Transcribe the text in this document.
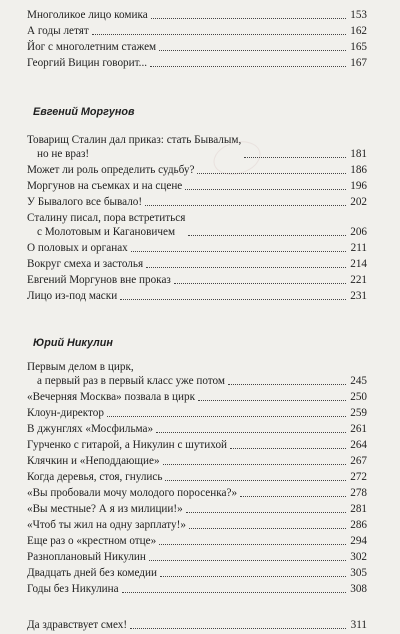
Многоликое лицо комика	153
А годы летят	162
Йог с многолетним стажем	165
Георгий Вицин говорит...	167
Евгений Моргунов
Товарищ Сталин дал приказ: стать Бывалым,
но не враз!	181
Может ли роль определить судьбу?	186
Моргунов на съемках и на сцене	196
У Бывалого все бывало!	202
Сталину писал, пора встретиться
с Молотовым и Кагановичем	206
О половых и органах	211
Вокруг смеха и застолья	214
Евгений Моргунов вне проказ	221
Лицо из-под маски	231
Юрий Никулин
Первым делом в цирк,
а первый раз в первый класс уже потом	245
«Вечерняя Москва» позвала в цирк	250
Клоун-директор	259
В джунглях «Мосфильма»	261
Гурченко с гитарой, а Никулин с шутихой	264
Клячкин и «Неподдающие»	267
Когда деревья, стоя, гнулись	272
«Вы пробовали мочу молодого поросенка?»	278
«Вы местные? А я из милиции!»	281
«Чтоб ты жил на одну зарплату!»	286
Еще раз о «крестном отце»	294
Разноплановый Никулин	302
Двадцать дней без комедии	305
Годы без Никулина	308
Да здравствует смех!	311
